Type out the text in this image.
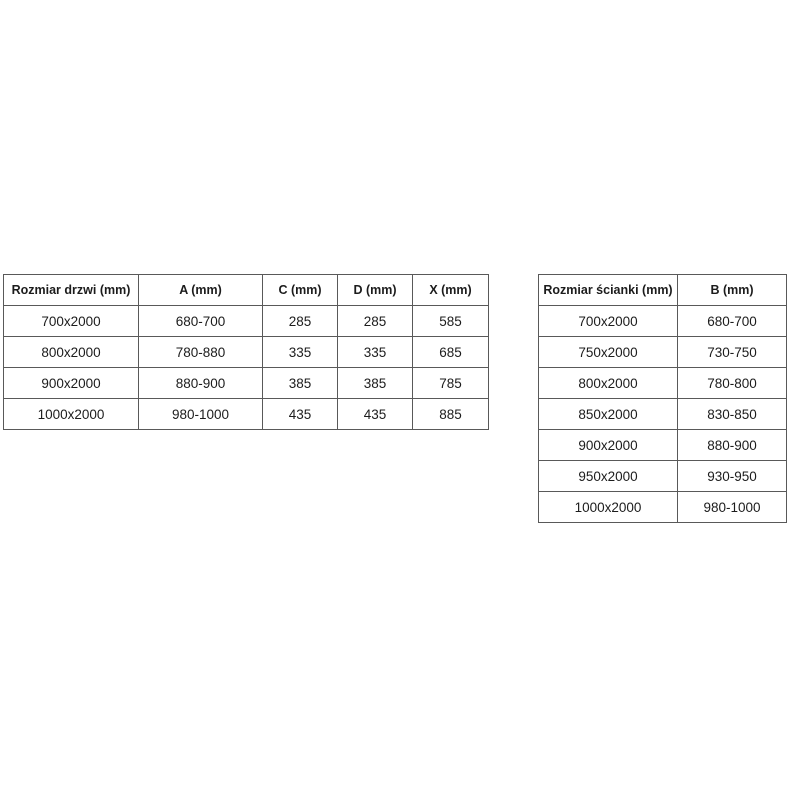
Rozmiar drzwi (mm)	A (mm)	C (mm)	D (mm)	X (mm)
700x2000	680-700	285	285	585
800x2000	780-880	335	335	685
900x2000	880-900	385	385	785
1000x2000	980-1000	435	435	885
Rozmiar ścianki (mm)	B (mm)
700x2000	680-700
750x2000	730-750
800x2000	780-800
850x2000	830-850
900x2000	880-900
950x2000	930-950
1000x2000	980-1000
